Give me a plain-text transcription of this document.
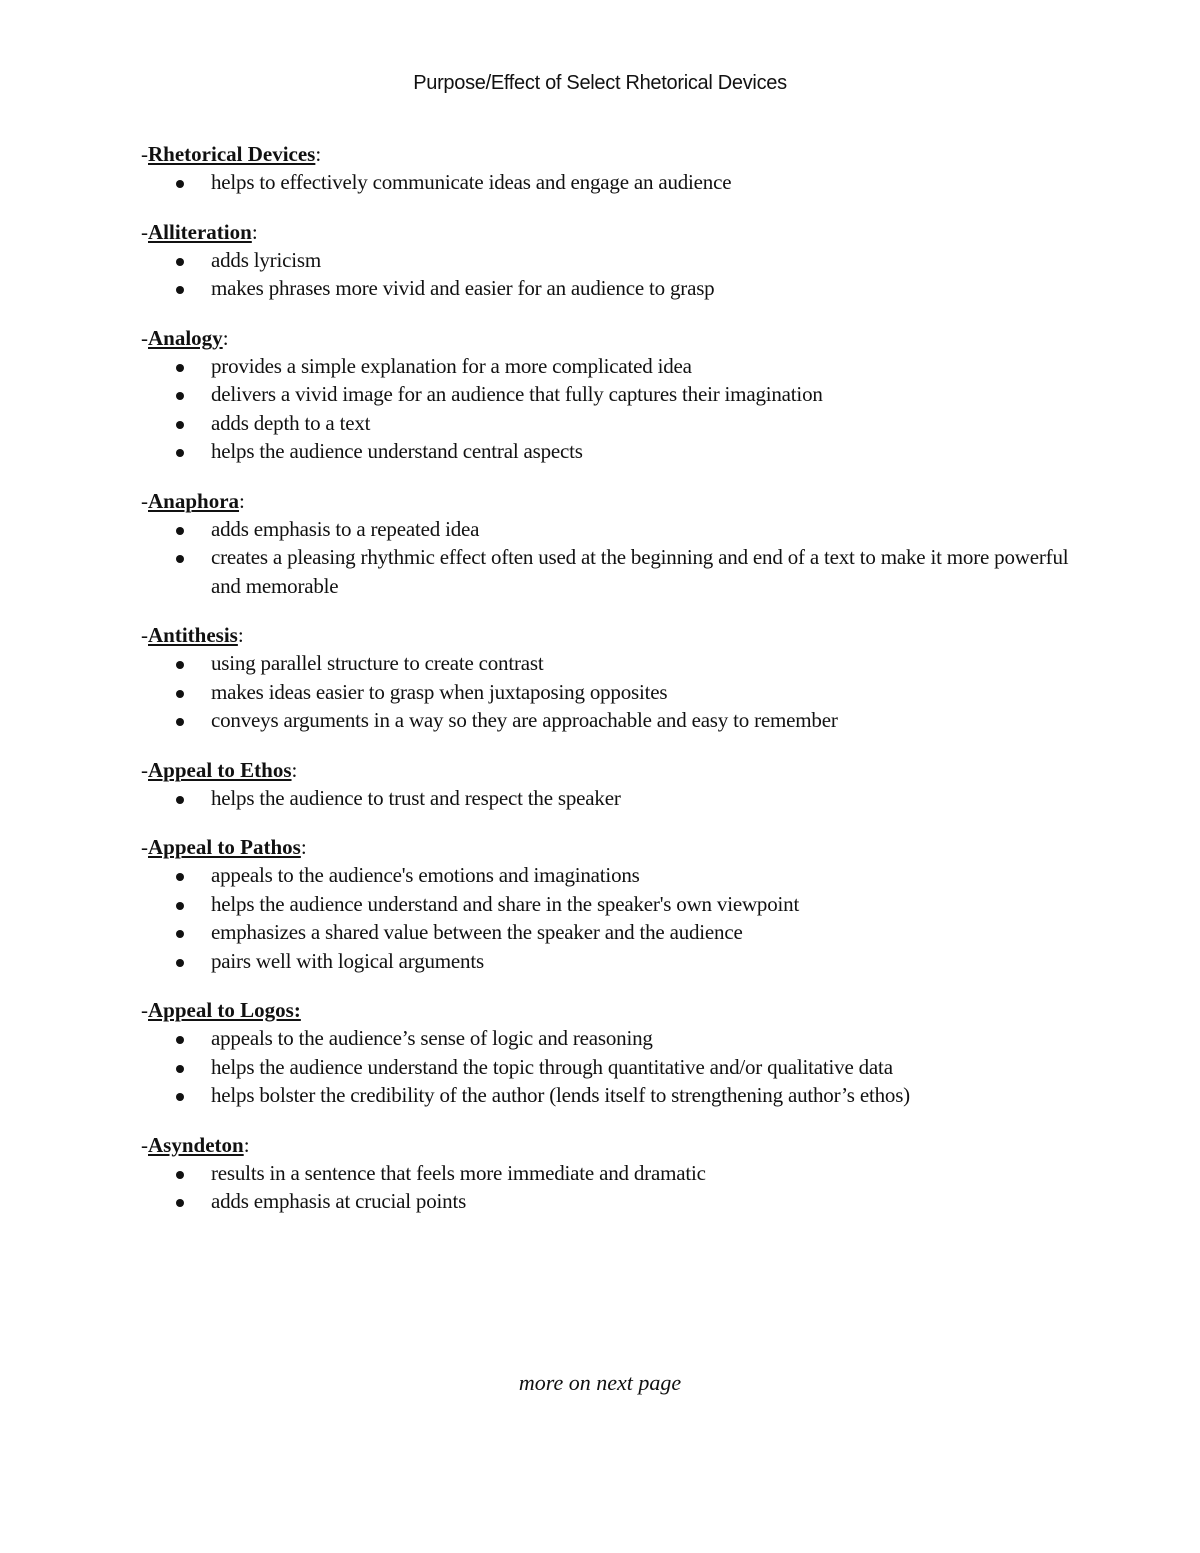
Purpose/Effect of Select Rhetorical Devices
-Rhetorical Devices:
helps to effectively communicate ideas and engage an audience
-Alliteration:
adds lyricism
makes phrases more vivid and easier for an audience to grasp
-Analogy:
provides a simple explanation for a more complicated idea
delivers a vivid image for an audience that fully captures their imagination
adds depth to a text
helps the audience understand central aspects
-Anaphora:
adds emphasis to a repeated idea
creates a pleasing rhythmic effect often used at the beginning and end of a text to make it more powerful and memorable
-Antithesis:
using parallel structure to create contrast
makes ideas easier to grasp when juxtaposing opposites
conveys arguments in a way so they are approachable and easy to remember
-Appeal to Ethos:
helps the audience to trust and respect the speaker
-Appeal to Pathos:
appeals to the audience's emotions and imaginations
helps the audience understand and share in the speaker's own viewpoint
emphasizes a shared value between the speaker and the audience
pairs well with logical arguments
-Appeal to Logos:
appeals to the audience’s sense of logic and reasoning
helps the audience understand the topic through quantitative and/or qualitative data
helps bolster the credibility of the author (lends itself to strengthening author’s ethos)
-Asyndeton:
results in a sentence that feels more immediate and dramatic
adds emphasis at crucial points
more on next page
